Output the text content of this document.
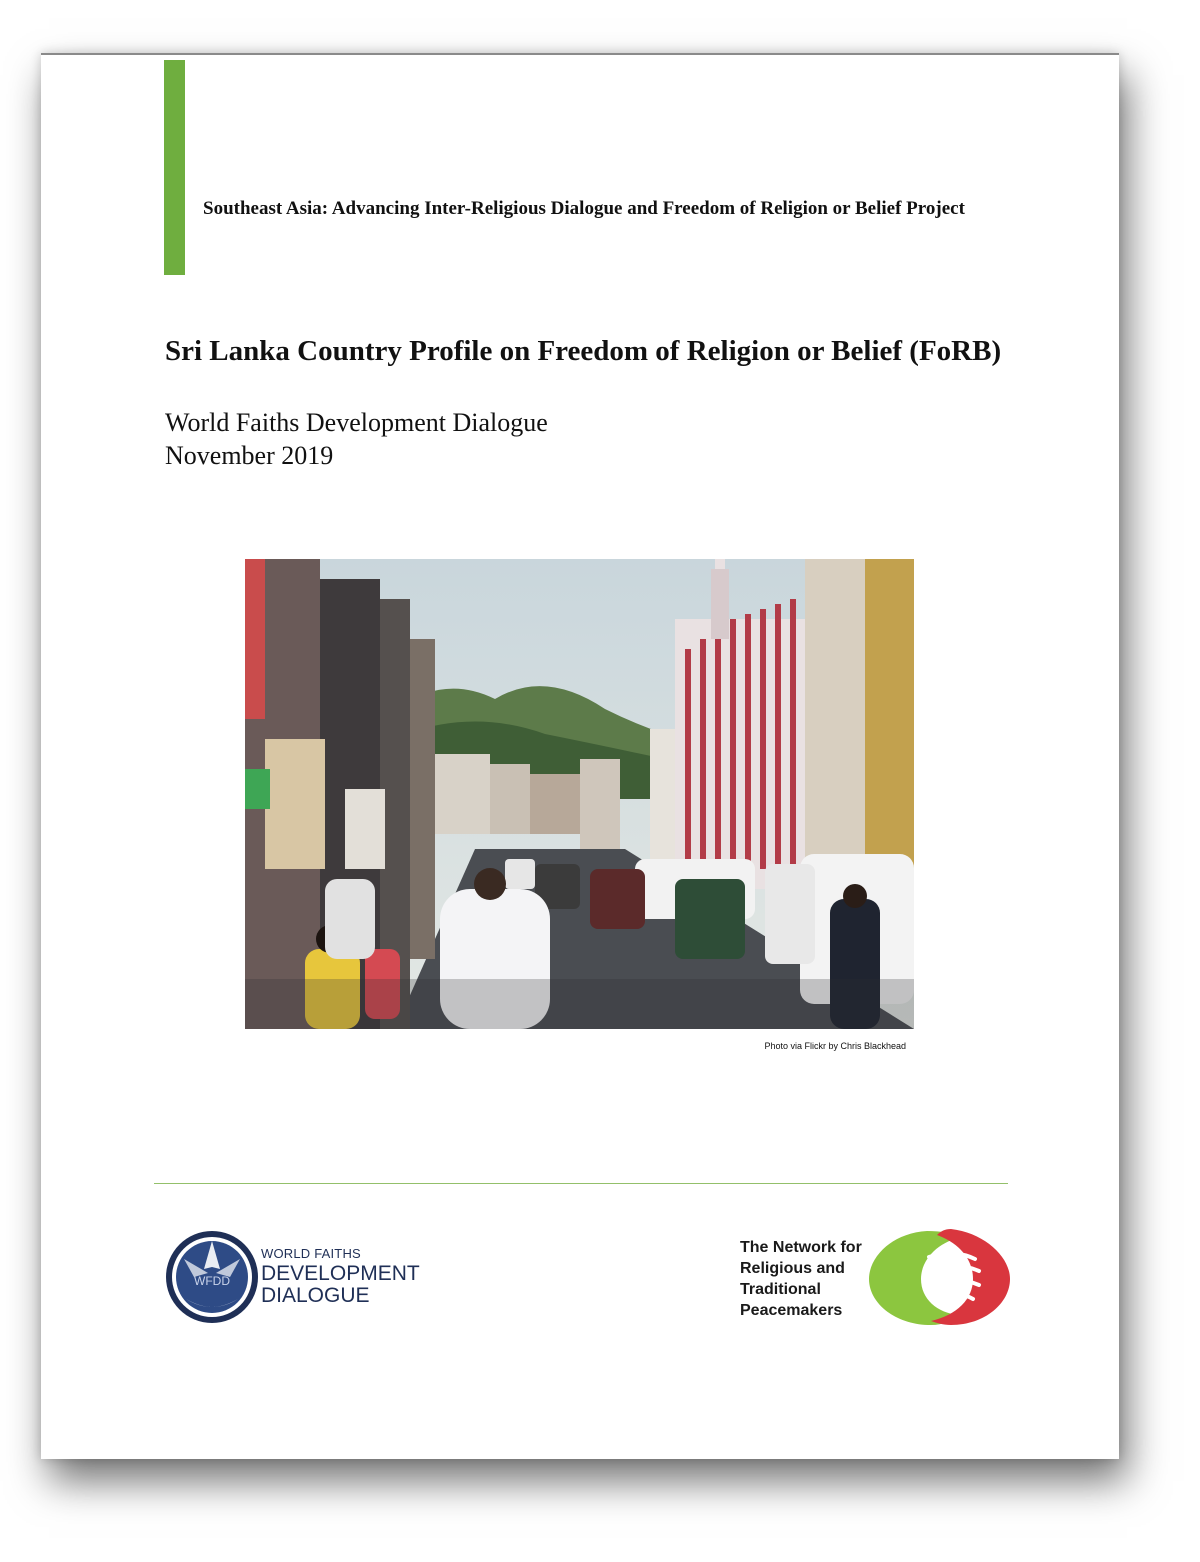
Southeast Asia: Advancing Inter-Religious Dialogue and Freedom of Religion or Belief Project
Sri Lanka Country Profile on Freedom of Religion or Belief (FoRB)
World Faiths Development Dialogue
November 2019
Photo via Flickr by Chris Blackhead
WFDD
WORLD FAITHS
DEVELOPMENT
DIALOGUE
The Network for
Religious and
Traditional
Peacemakers
